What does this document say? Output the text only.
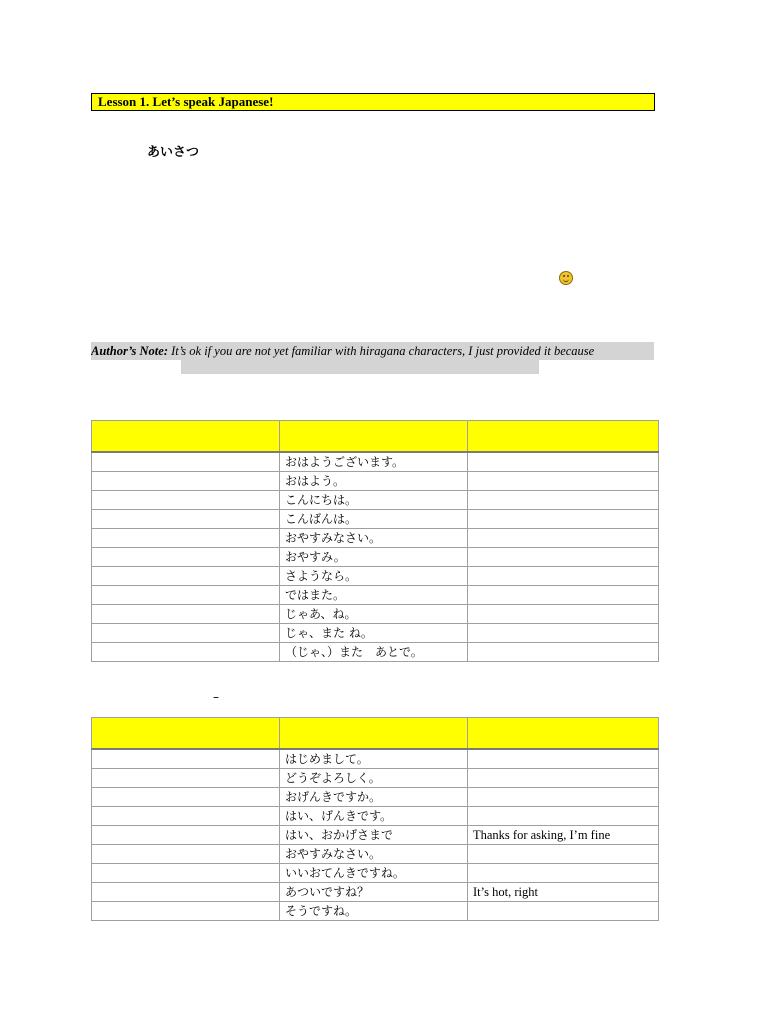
Lesson 1. Let’s speak Japanese!
あいさつ
Author’s Note: It’s ok if you are not yet familiar with hiragana characters, I just provided it because

	おはようございます。	
	おはよう。	
	こんにちは。	
	こんばんは。	
	おやすみなさい。	
	おやすみ。	
	さようなら。	
	ではまた。	
	じゃあ、ね。	
	じゃ、また ね。	
	（じゃ、）また　あとで。	
–

	はじめまして。	
	どうぞよろしく。	
	おげんきですか。	
	はい、げんきです。	
	はい、おかげさまで	Thanks for asking, I’m fine
	おやすみなさい。	
	いいおてんきですね。	
	あついですね？	It’s hot, right
	そうですね。	
